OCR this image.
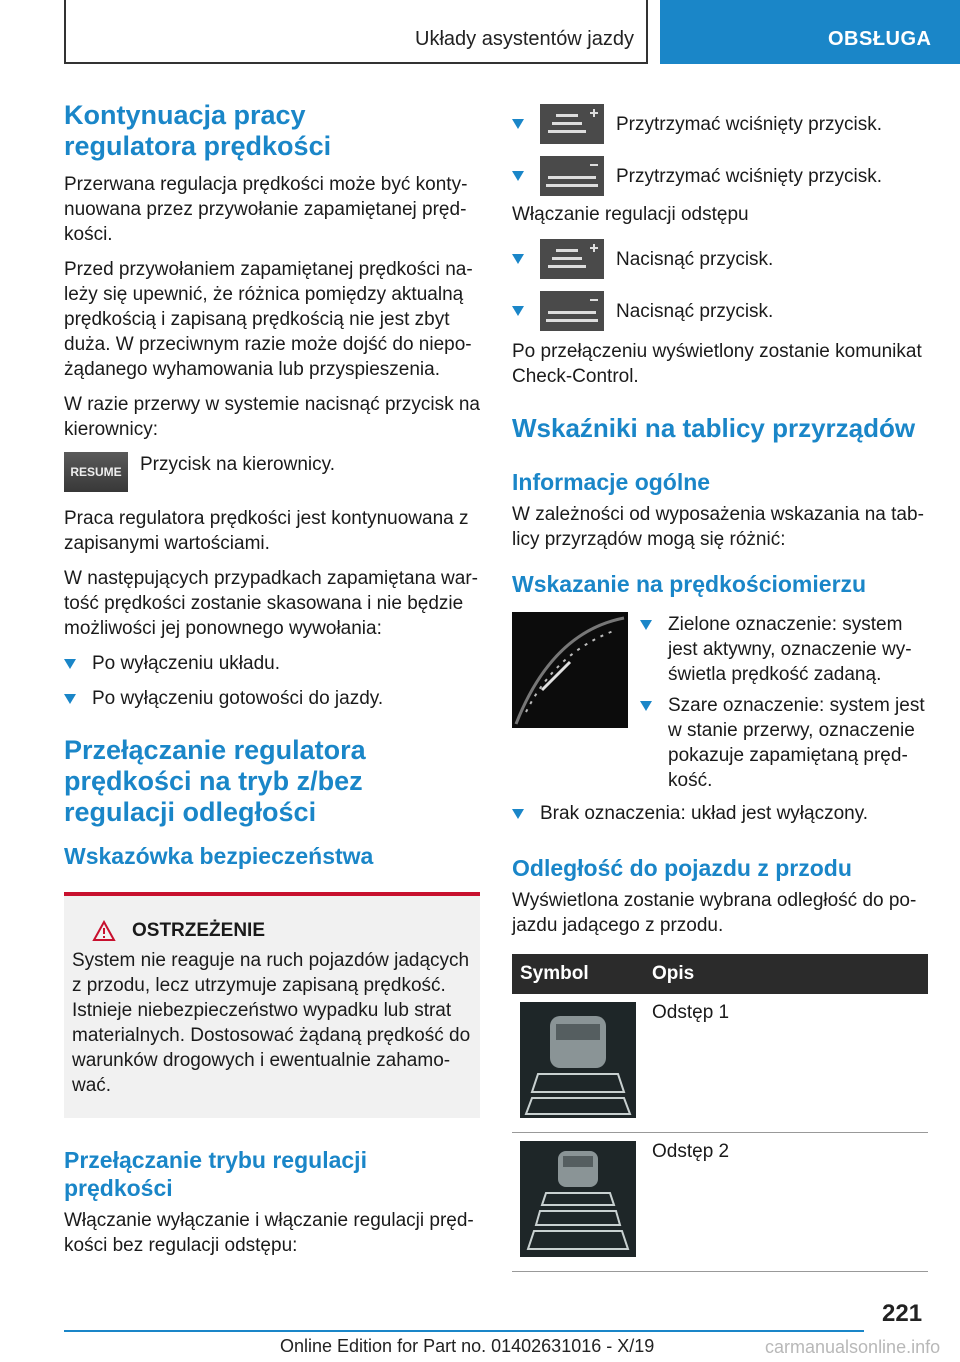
Układy asystentów jazdy	OBSŁUGA
Kontynuacja pracy regulatora prędkości

Przerwana regulacja prędkości może być kontynuowana przez przywołanie zapamiętanej prędkości.

Przed przywołaniem zapamiętanej prędkości należy się upewnić, że różnica pomiędzy aktualną prędkością i zapisaną prędkością nie jest zbyt duża. W przeciwnym razie może dojść do niepożądanego wyhamowania lub przyspieszenia.

W razie przerwy w systemie nacisnąć przycisk na kierownicy:

RESUME Przycisk na kierownicy.

Praca regulatora prędkości jest kontynuowana z zapisanymi wartościami.

W następujących przypadkach zapamiętana wartość prędkości zostanie skasowana i nie będzie możliwości jej ponownego wywołania:

Po wyłączeniu układu.
Po wyłączeniu gotowości do jazdy.
Przełączanie regulatora prędkości na tryb z/bez regulacji odległości
Wskazówka bezpieczeństwa
OSTRZEŻENIE

System nie reaguje na ruch pojazdów jadących z przodu, lecz utrzymuje zapisaną prędkość. Istnieje niebezpieczeństwo wypadku lub strat materialnych. Dostosować żądaną prędkość do warunków drogowych i ewentualnie zahamować.

Przełączanie trybu regulacji prędkości

Włączanie wyłączanie i włączanie regulacji prędkości bez regulacji odstępu:

Przytrzymać wciśnięty przycisk.
Przytrzymać wciśnięty przycisk.

Włączanie regulacji odstępu

Nacisnąć przycisk.
Nacisnąć przycisk.

Po przełączeniu wyświetlony zostanie komunikat Check-Control.

Wskaźniki na tablicy przyrządów
Informacje ogólne

W zależności od wyposażenia wskazania na tablicy przyrządów mogą się różnić:

Wskazanie na prędkościomierzu
Zielone oznaczenie: system jest aktywny, oznaczenie wyświetla prędkość zadaną.
Szare oznaczenie: system jest w stanie przerwy, oznaczenie pokazuje zapamiętaną prędkość.
Brak oznaczenia: układ jest wyłączony.
Odległość do pojazdu z przodu

Wyświetlona zostanie wybrana odległość do pojazdu jadącego z przodu.

Symbol	Opis
	Odstęp 1
	Odstęp 2
221
Online Edition for Part no. 01402631016 - X/19	carmanualsonline.info
